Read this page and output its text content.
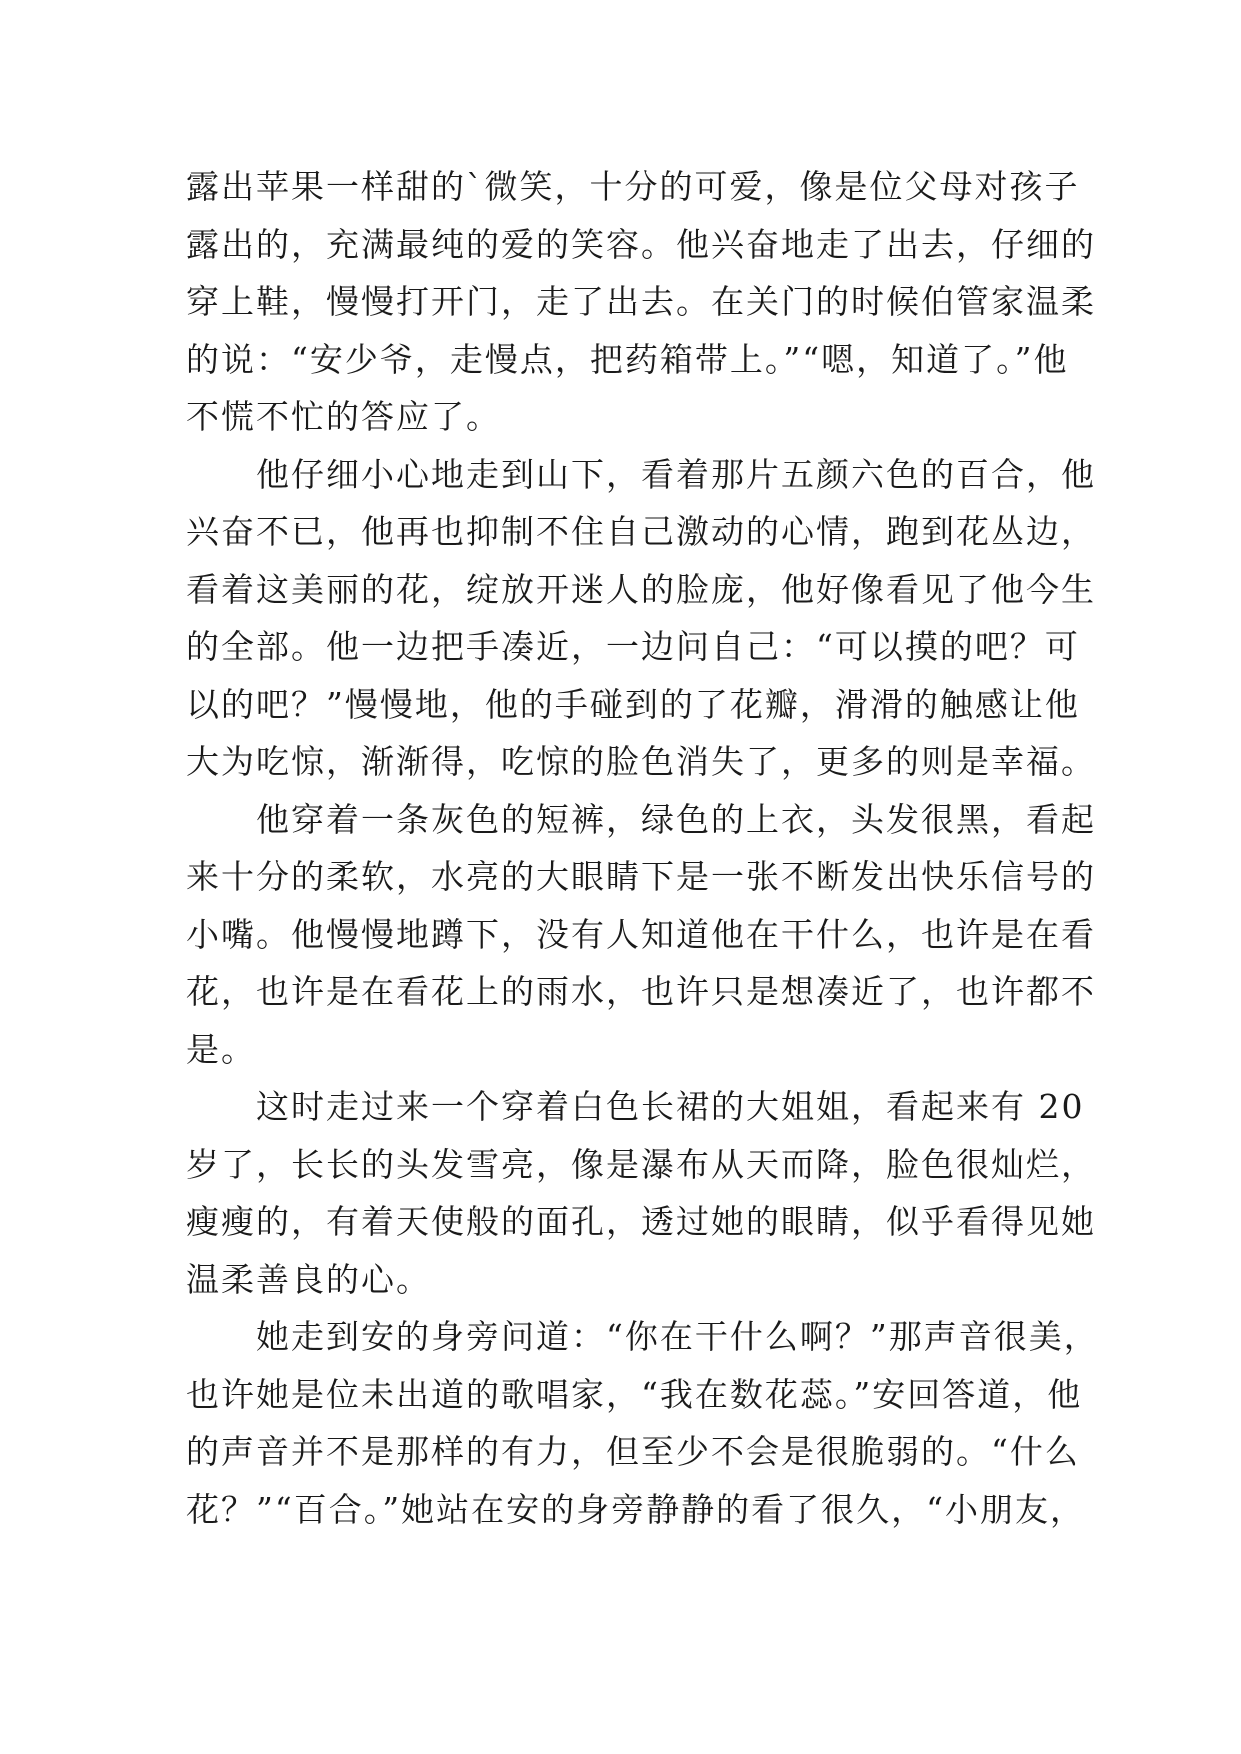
露出苹果一样甜的`微笑，十分的可爱，像是位父母对孩子
露出的，充满最纯的爱的笑容。他兴奋地走了出去，仔细的
穿上鞋，慢慢打开门，走了出去。在关门的时候伯管家温柔
的说：“安少爷，走慢点，把药箱带上。”“嗯，知道了。”他
不慌不忙的答应了。
　　他仔细小心地走到山下，看着那片五颜六色的百合，他
兴奋不已，他再也抑制不住自己激动的心情，跑到花丛边，
看着这美丽的花，绽放开迷人的脸庞，他好像看见了他今生
的全部。他一边把手凑近，一边问自己：“可以摸的吧？可
以的吧？”慢慢地，他的手碰到的了花瓣，滑滑的触感让他
大为吃惊，渐渐得，吃惊的脸色消失了，更多的则是幸福。
　　他穿着一条灰色的短裤，绿色的上衣，头发很黑，看起
来十分的柔软，水亮的大眼睛下是一张不断发出快乐信号的
小嘴。他慢慢地蹲下，没有人知道他在干什么，也许是在看
花，也许是在看花上的雨水，也许只是想凑近了，也许都不
是。
　　这时走过来一个穿着白色长裙的大姐姐，看起来有 20
岁了，长长的头发雪亮，像是瀑布从天而降，脸色很灿烂，
瘦瘦的，有着天使般的面孔，透过她的眼睛，似乎看得见她
温柔善良的心。
　　她走到安的身旁问道：“你在干什么啊？”那声音很美，
也许她是位未出道的歌唱家，“我在数花蕊。”安回答道，他
的声音并不是那样的有力，但至少不会是很脆弱的。“什么
花？”“百合。”她站在安的身旁静静的看了很久，“小朋友，
